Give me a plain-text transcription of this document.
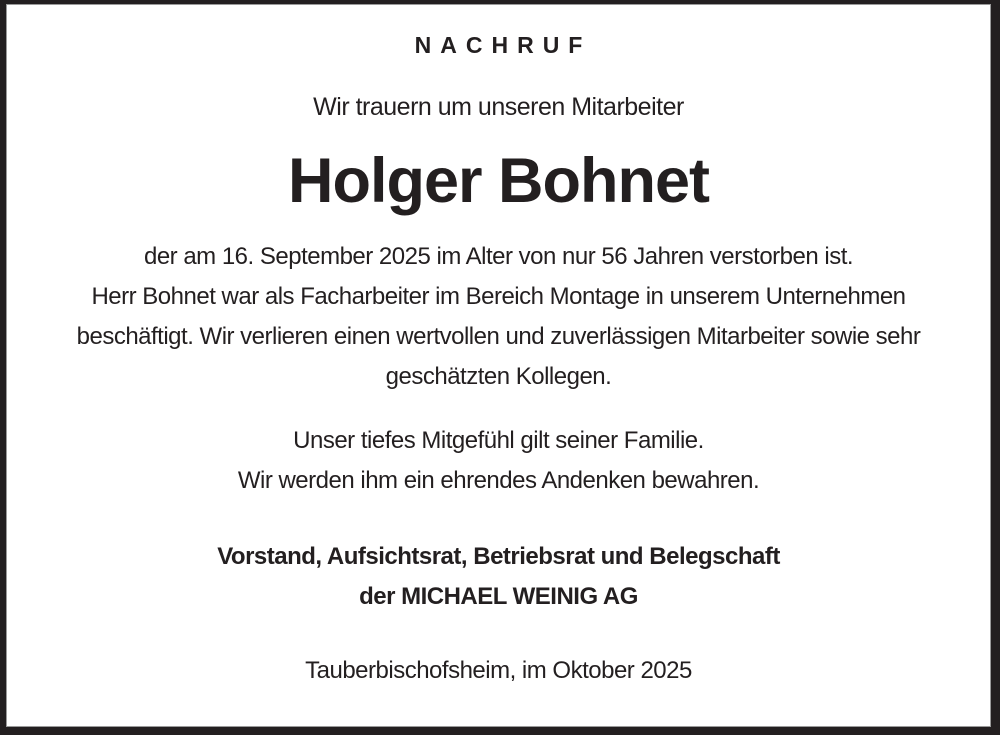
NACHRUF
Wir trauern um unseren Mitarbeiter
Holger Bohnet
der am 16. September 2025 im Alter von nur 56 Jahren verstorben ist.
Herr Bohnet war als Facharbeiter im Bereich Montage in unserem Unternehmen
beschäftigt. Wir verlieren einen wertvollen und zuverlässigen Mitarbeiter sowie sehr
geschätzten Kollegen.
Unser tiefes Mitgefühl gilt seiner Familie.
Wir werden ihm ein ehrendes Andenken bewahren.
Vorstand, Aufsichtsrat, Betriebsrat und Belegschaft
der MICHAEL WEINIG AG
Tauberbischofsheim, im Oktober 2025
